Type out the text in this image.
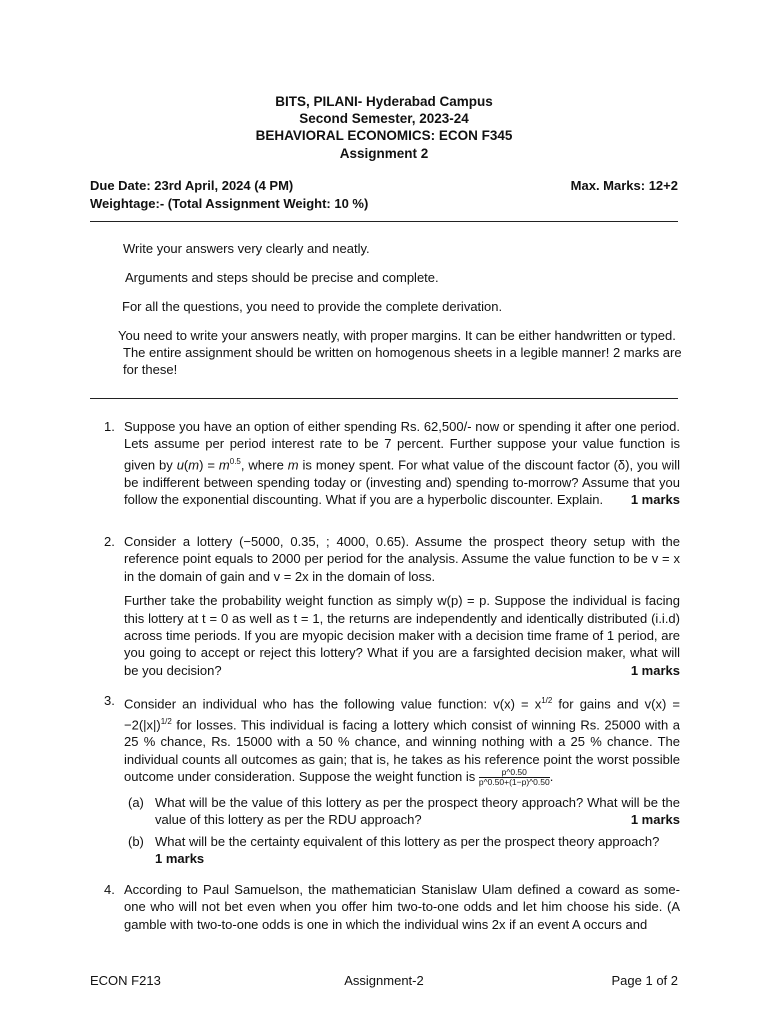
BITS, PILANI- Hyderabad Campus
Second Semester, 2023-24
BEHAVIORAL ECONOMICS: ECON F345
Assignment 2
Due Date: 23rd April, 2024 (4 PM)	Max. Marks: 12+2
Weightage:- (Total Assignment Weight: 10 %)
Write your answers very clearly and neatly.
Arguments and steps should be precise and complete.
For all the questions, you need to provide the complete derivation.
You need to write your answers neatly, with proper margins. It can be either handwritten or typed. The entire assignment should be written on homogenous sheets in a legible manner! 2 marks are for these!
1. Suppose you have an option of either spending Rs. 62,500/- now or spending it after one period. Lets assume per period interest rate to be 7 percent. Further suppose your value function is given by $u(m) = m^{0.5}$, where m is money spent. For what value of the discount factor (δ), you will be indifferent between spending today or (investing and) spending to-morrow? Assume that you follow the exponential discounting. What if you are a hyperbolic discounter. Explain. 1 marks
2. Consider a lottery (−5000, 0.35, ; 4000, 0.65). Assume the prospect theory setup with the reference point equals to 2000 per period for the analysis. Assume the value function to be v = x in the domain of gain and v = 2x in the domain of loss.
Further take the probability weight function as simply w(p) = p. Suppose the individual is facing this lottery at t = 0 as well as t = 1, the returns are independently and identically distributed (i.i.d) across time periods. If you are myopic decision maker with a decision time frame of 1 period, are you going to accept or reject this lottery? What if you are a farsighted decision maker, what will be you decision?	1 marks
3. Consider an individual who has the following value function: $v(x) = x^{1/2}$ for gains and $v(x) = -2(|x|)^{1/2}$ for losses. This individual is facing a lottery which consist of winning Rs. 25000 with a 25 % chance, Rs. 15000 with a 50 % chance, and winning nothing with a 25 % chance. The individual counts all outcomes as gain; that is, he takes as his reference point the worst possible outcome under consideration. Suppose the weight function is $\frac{p\^{}0.50}{p\^{}0.50+(1-p)\^{}0.50}$ .
(a) What will be the value of this lottery as per the prospect theory approach? What will be the value of this lottery as per the RDU approach?	1 marks
(b) What will be the certainty equivalent of this lottery as per the prospect theory approach?
1 marks
4. According to Paul Samuelson, the mathematician Stanislaw Ulam defined a coward as some-one who will not bet even when you offer him two-to-one odds and let him choose his side. (A gamble with two-to-one odds is one in which the individual wins 2x if an event A occurs and
ECON F213	Assignment-2	Page 1 of 2
